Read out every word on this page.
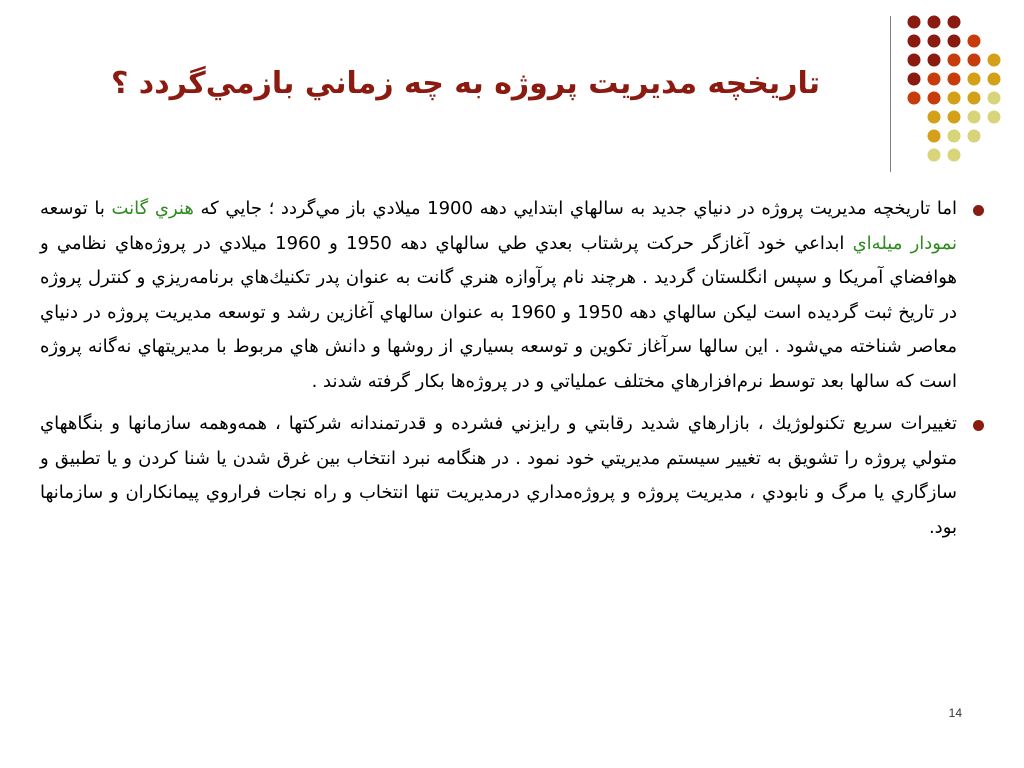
تاريخچه مديريت پروژه به چه زماني بازمي‌گردد ؟

اما تاريخچه مديريت پروژه در دنياي جديد به سالهاي ابتدايي دهه 1900 ميلادي باز مي‌گردد ؛ جايي كه هنري گانت با توسعه نمودار ميله‌اي ابداعي خود آغازگر حركت پرشتاب بعدي طي سالهاي دهه 1950 و 1960 ميلادي در پروژه‌هاي نظامي و هوافضاي آمريكا و سپس انگلستان گرديد . هرچند نام پرآوازه هنري گانت به عنوان پدر تكنيك‌هاي برنامه‌ريزي و كنترل پروژه در تاريخ ثبت گرديده است ليكن سالهاي دهه 1950 و 1960 به عنوان سالهاي آغازين رشد و توسعه مديريت پروژه در دنياي معاصر شناخته مي‌شود . اين سالها سرآغاز تكوين و توسعه بسياري از روشها و دانش هاي مربوط با مديريتهاي نه‌گانه پروژه است كه سالها بعد توسط نرم‌افزارهاي مختلف عملياتي و در پروژه‌ها بكار گرفته شدند .

تغييرات سريع تكنولوژيك ، بازارهاي شديد رقابتي و رايزني فشرده و قدرتمندانه شركتها ، همه‌وهمه سازمانها و بنگاههاي متولي پروژه را تشويق به تغيير سيستم مديريتي خود نمود . در هنگامه نبرد انتخاب بين غرق شدن يا شنا كردن و يا تطبيق و سازگاري يا مرگ و نابودي ، مديريت پروژه و پروژه‌مداري درمديريت تنها انتخاب و راه نجات فراروي پيمانكاران و سازمانها بود.

14
